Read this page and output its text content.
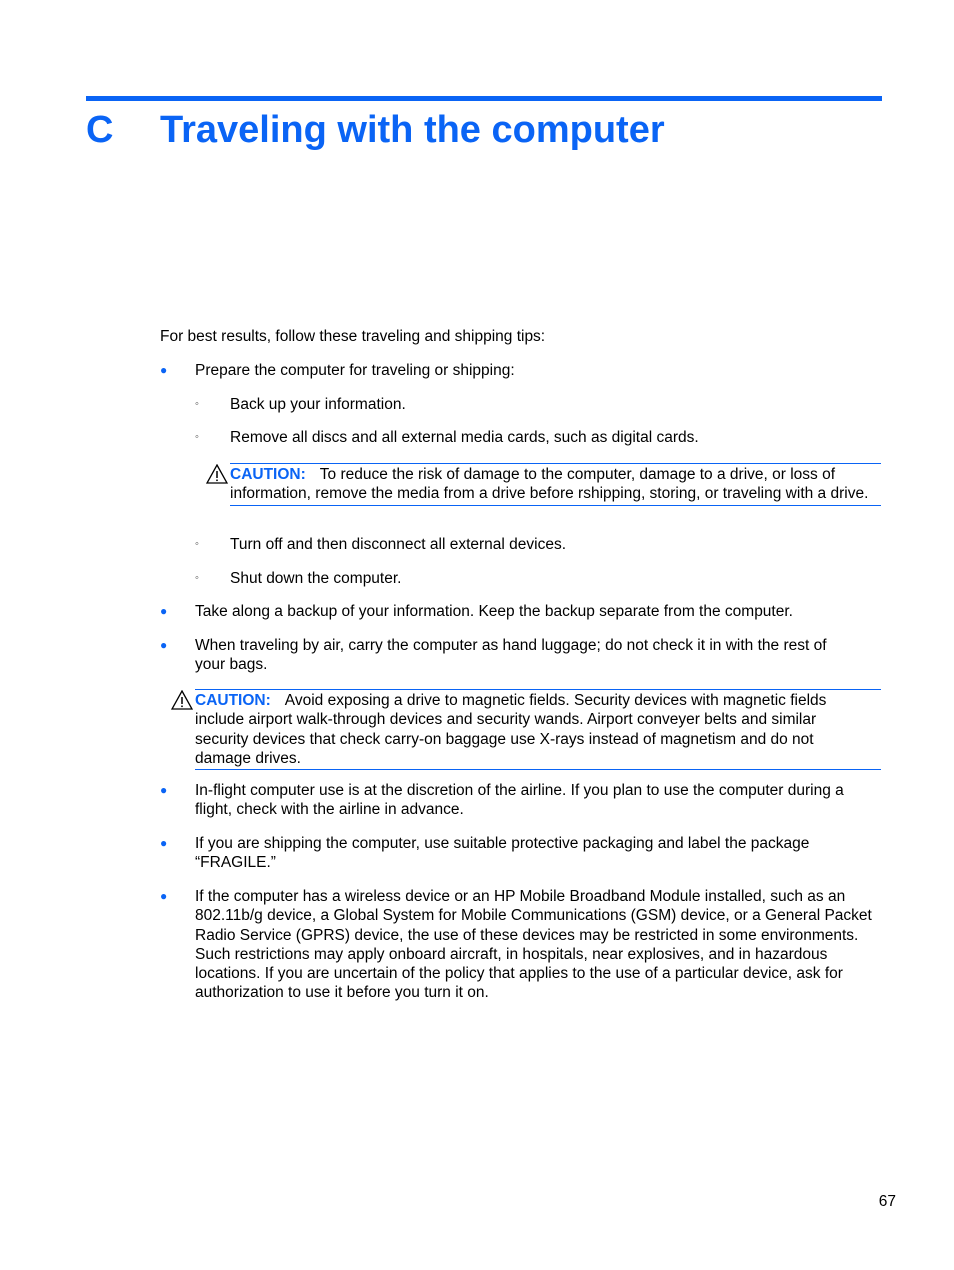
C Traveling with the computer

For best results, follow these traveling and shipping tips:

● Prepare the computer for traveling or shipping:

◦ Back up your information.

◦ Remove all discs and all external media cards, such as digital cards.

CAUTION: To reduce the risk of damage to the computer, damage to a drive, or loss of information, remove the media from a drive before rshipping, storing, or traveling with a drive.

◦ Turn off and then disconnect all external devices.

◦ Shut down the computer.

● Take along a backup of your information. Keep the backup separate from the computer.

● When traveling by air, carry the computer as hand luggage; do not check it in with the rest of your bags.

CAUTION: Avoid exposing a drive to magnetic fields. Security devices with magnetic fields include airport walk-through devices and security wands. Airport conveyer belts and similar security devices that check carry-on baggage use X-rays instead of magnetism and do not damage drives.

● In-flight computer use is at the discretion of the airline. If you plan to use the computer during a flight, check with the airline in advance.

● If you are shipping the computer, use suitable protective packaging and label the package “FRAGILE.”

● If the computer has a wireless device or an HP Mobile Broadband Module installed, such as an 802.11b/g device, a Global System for Mobile Communications (GSM) device, or a General Packet Radio Service (GPRS) device, the use of these devices may be restricted in some environments. Such restrictions may apply onboard aircraft, in hospitals, near explosives, and in hazardous locations. If you are uncertain of the policy that applies to the use of a particular device, ask for authorization to use it before you turn it on.

67
